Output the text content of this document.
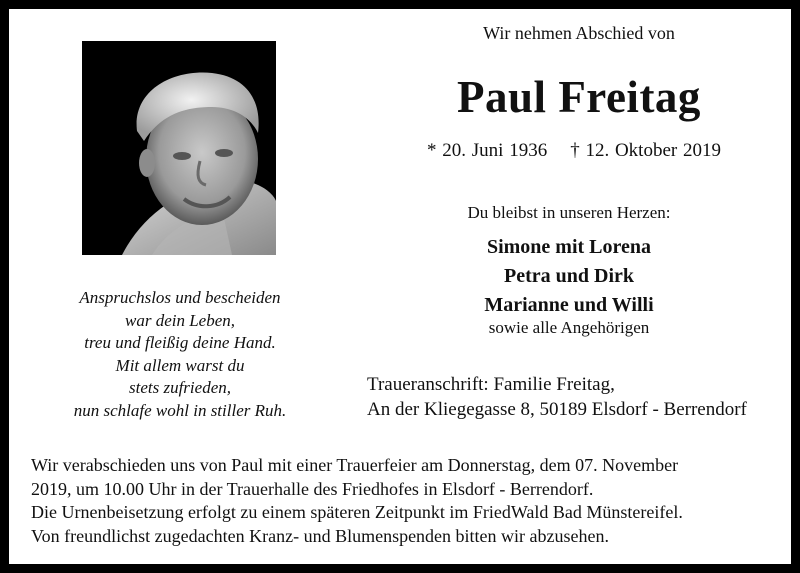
Anspruchslos und bescheiden
war dein Leben,
treu und fleißig deine Hand.
Mit allem warst du
stets zufrieden,
nun schlafe wohl in stiller Ruh.
Wir nehmen Abschied von
Paul Freitag
* 20. Juni 1936 † 12. Oktober 2019
Du bleibst in unseren Herzen:
Simone mit Lorena
Petra und Dirk
Marianne und Willi
sowie alle Angehörigen
Traueranschrift: Familie Freitag,
An der Kliegegasse 8, 50189 Elsdorf - Berrendorf
Wir verabschieden uns von Paul mit einer Trauerfeier am Donnerstag, dem 07. November
2019, um 10.00 Uhr in der Trauerhalle des Friedhofes in Elsdorf - Berrendorf.
Die Urnenbeisetzung erfolgt zu einem späteren Zeitpunkt im FriedWald Bad Münstereifel.
Von freundlichst zugedachten Kranz- und Blumenspenden bitten wir abzusehen.
